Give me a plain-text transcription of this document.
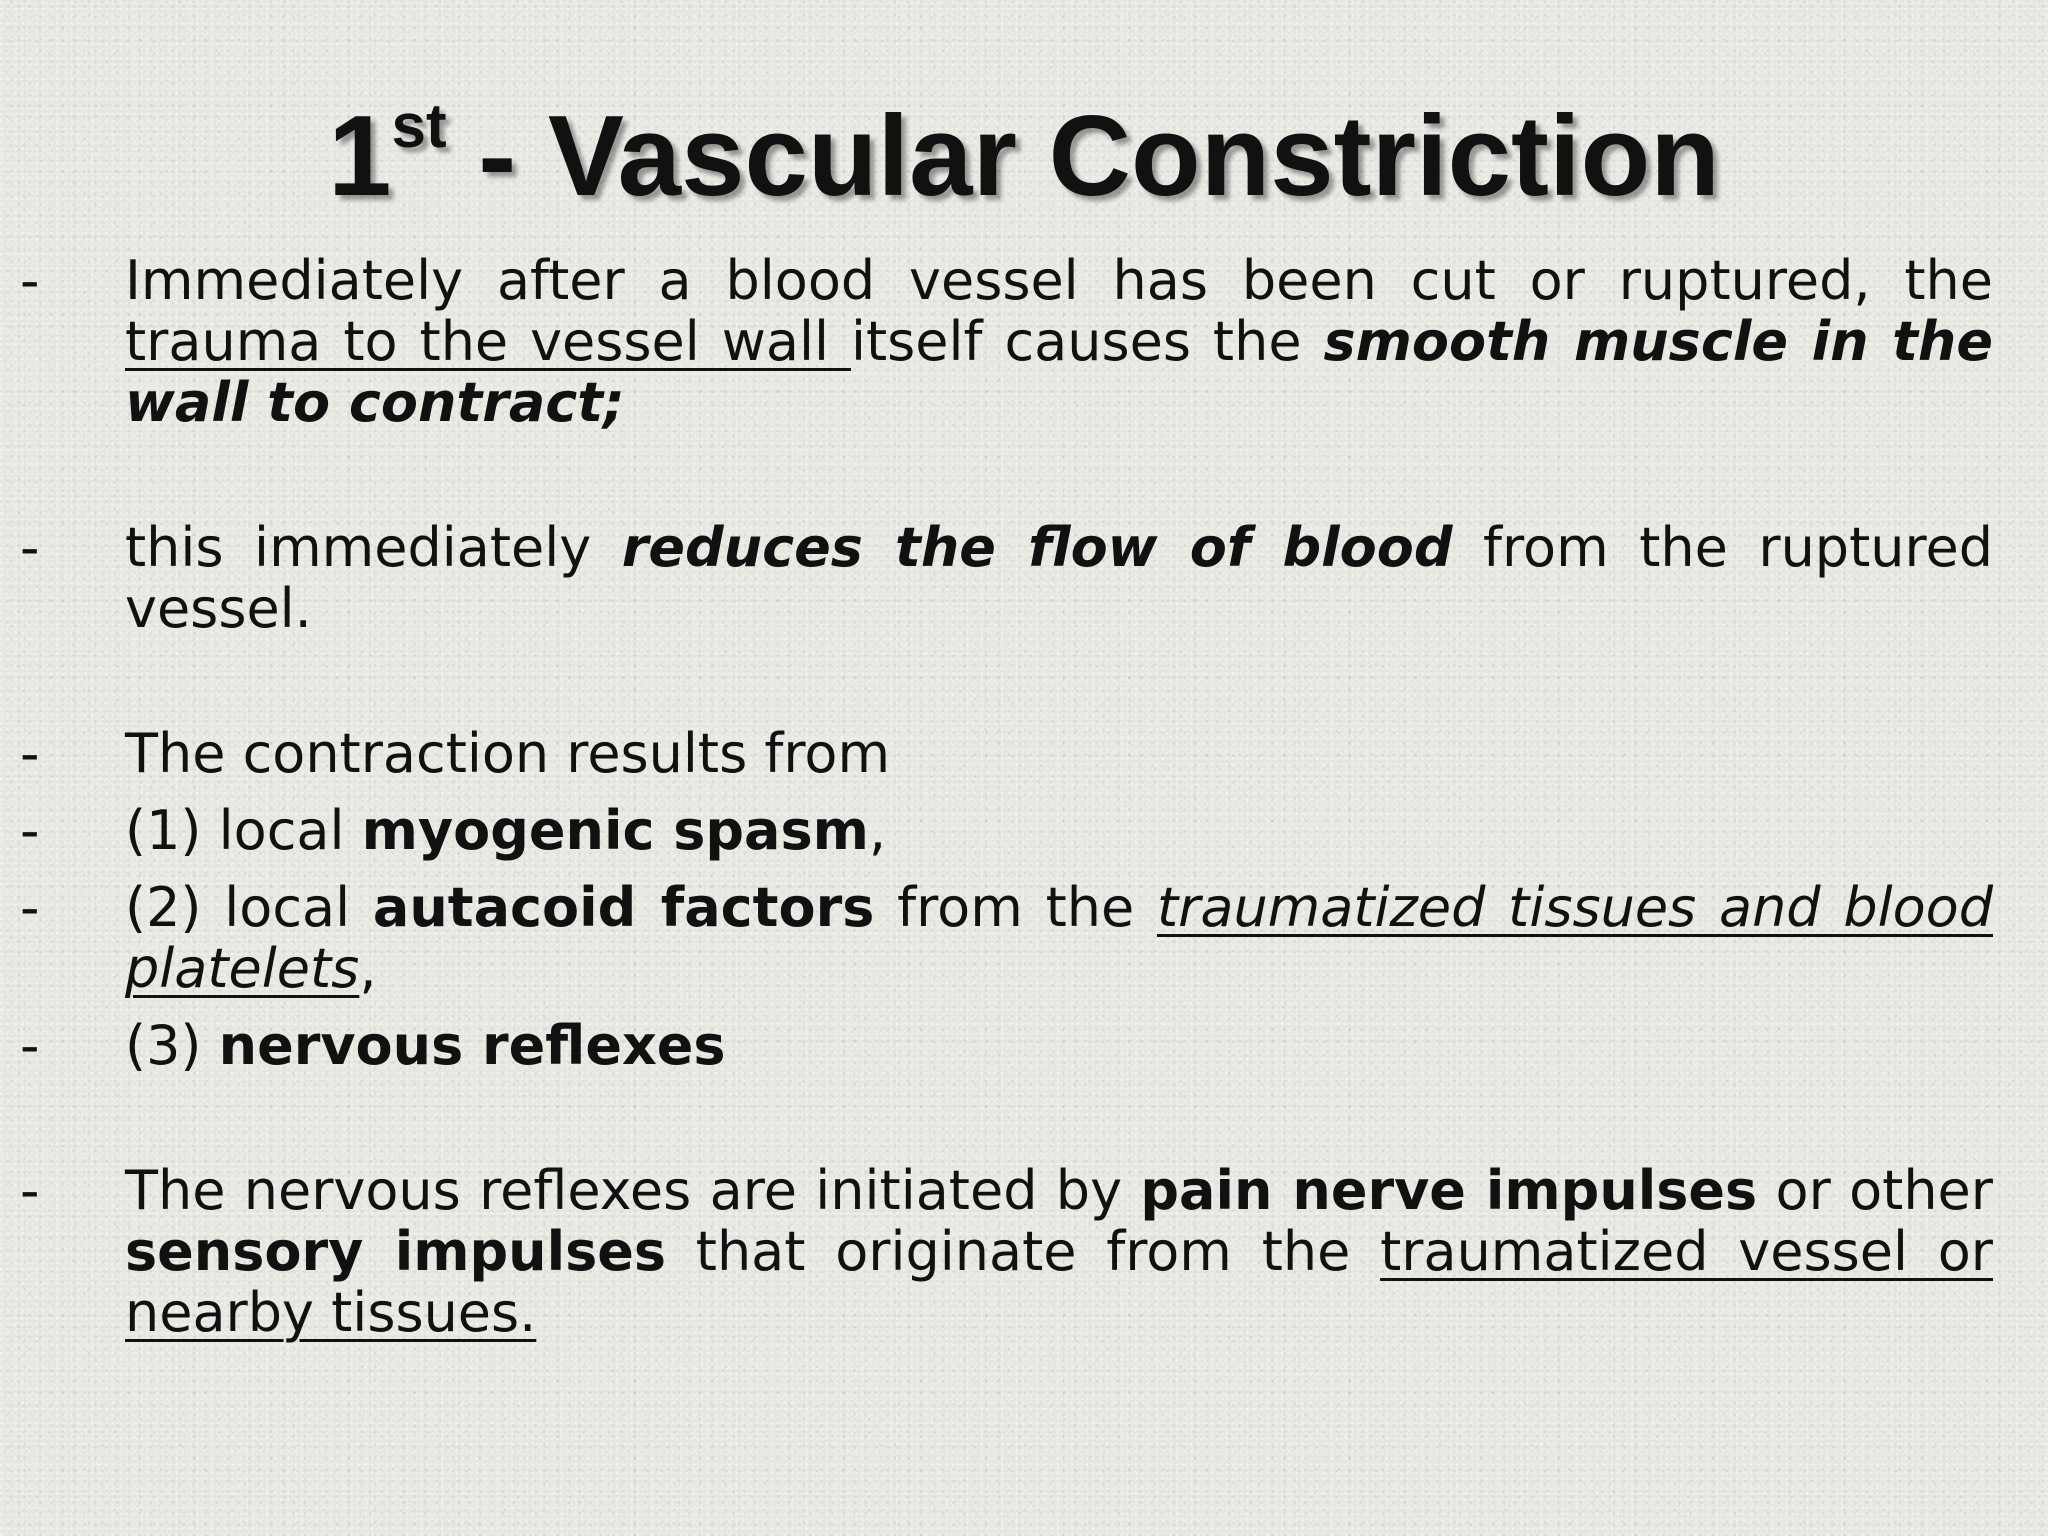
1st - Vascular Constriction
- Immediately after a blood vessel has been cut or ruptured, the trauma to the vessel wall itself causes the smooth muscle in the wall to contract;
- this immediately reduces the flow of blood from the ruptured vessel.
- The contraction results from
- (1) local myogenic spasm,
- (2) local autacoid factors from the traumatized tissues and blood platelets,
- (3) nervous reflexes
- The nervous reflexes are initiated by pain nerve impulses or other sensory impulses that originate from the traumatized vessel or nearby tissues.
